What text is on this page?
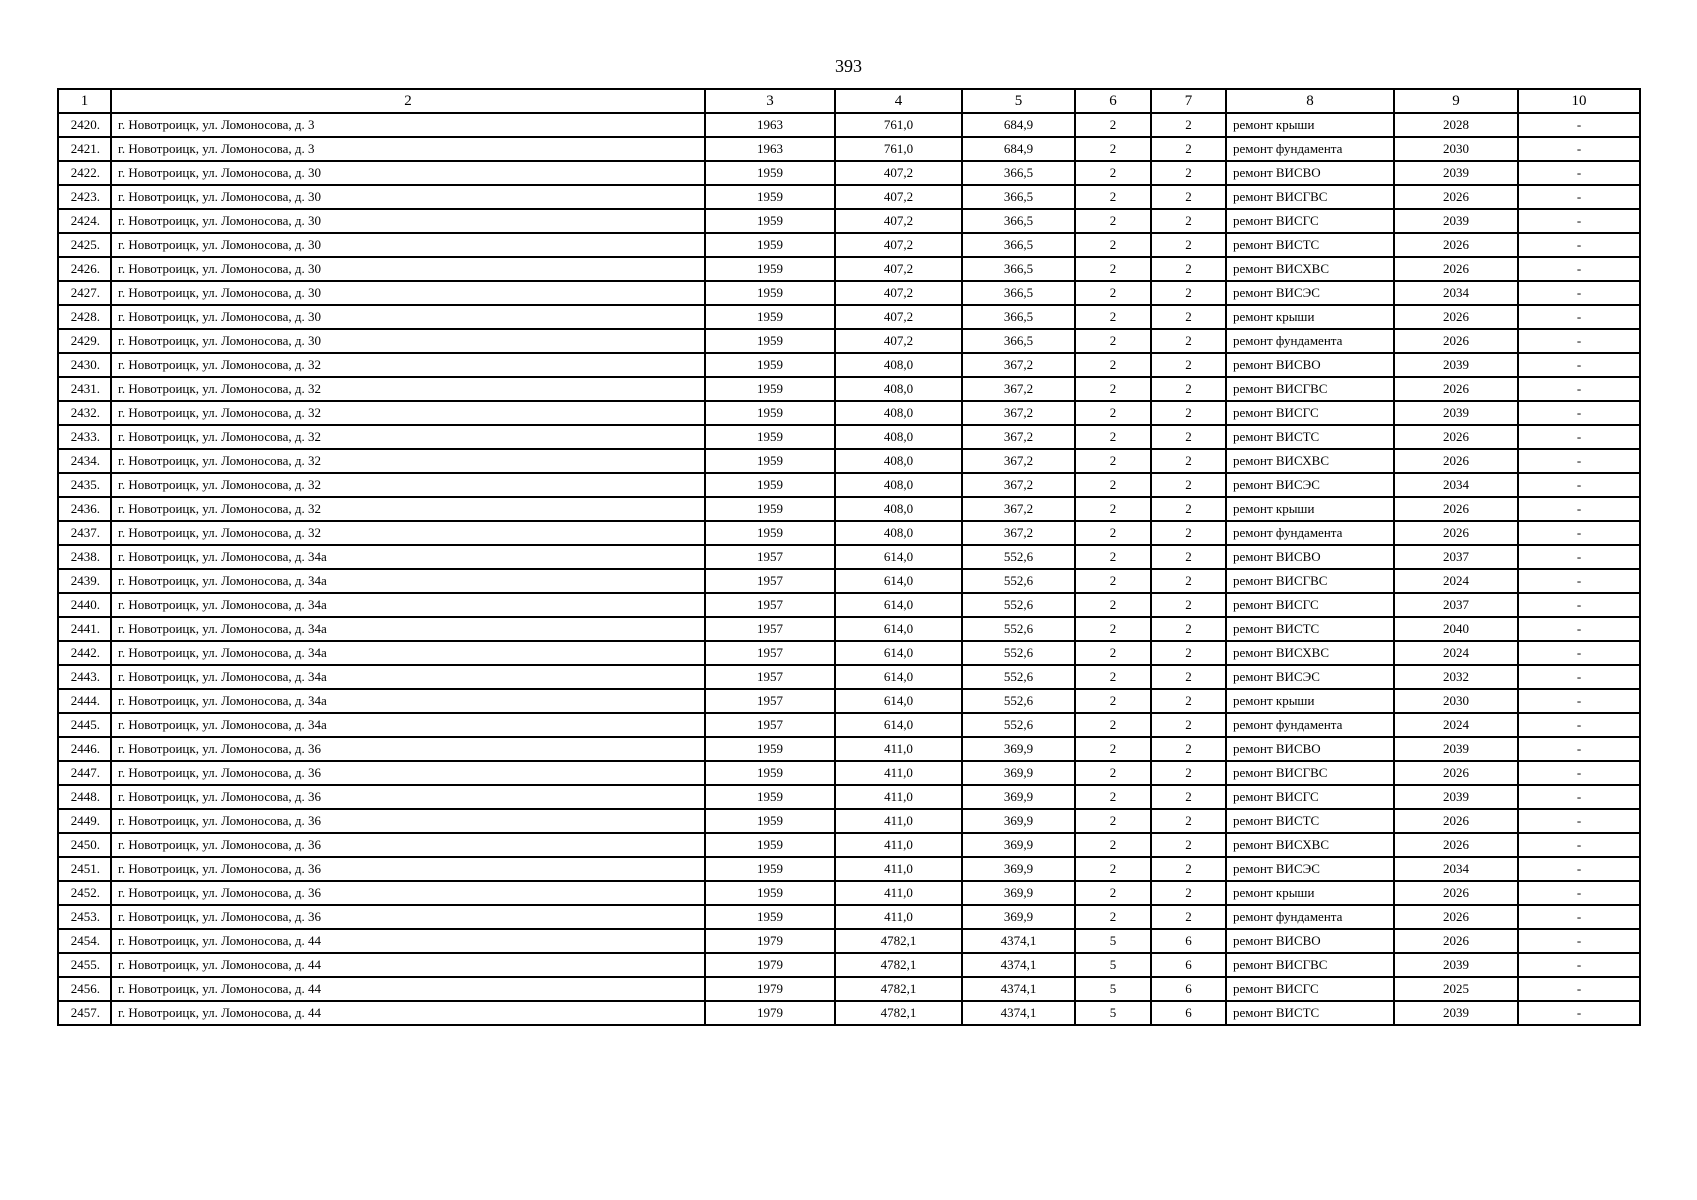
393
1	2	3	4	5	6	7	8	9	10
2420.	г. Новотроицк, ул. Ломоносова, д. 3	1963	761,0	684,9	2	2	ремонт крыши	2028	-
2421.	г. Новотроицк, ул. Ломоносова, д. 3	1963	761,0	684,9	2	2	ремонт фундамента	2030	-
2422.	г. Новотроицк, ул. Ломоносова, д. 30	1959	407,2	366,5	2	2	ремонт ВИСВО	2039	-
2423.	г. Новотроицк, ул. Ломоносова, д. 30	1959	407,2	366,5	2	2	ремонт ВИСГВС	2026	-
2424.	г. Новотроицк, ул. Ломоносова, д. 30	1959	407,2	366,5	2	2	ремонт ВИСГС	2039	-
2425.	г. Новотроицк, ул. Ломоносова, д. 30	1959	407,2	366,5	2	2	ремонт ВИСТС	2026	-
2426.	г. Новотроицк, ул. Ломоносова, д. 30	1959	407,2	366,5	2	2	ремонт ВИСХВС	2026	-
2427.	г. Новотроицк, ул. Ломоносова, д. 30	1959	407,2	366,5	2	2	ремонт ВИСЭС	2034	-
2428.	г. Новотроицк, ул. Ломоносова, д. 30	1959	407,2	366,5	2	2	ремонт крыши	2026	-
2429.	г. Новотроицк, ул. Ломоносова, д. 30	1959	407,2	366,5	2	2	ремонт фундамента	2026	-
2430.	г. Новотроицк, ул. Ломоносова, д. 32	1959	408,0	367,2	2	2	ремонт ВИСВО	2039	-
2431.	г. Новотроицк, ул. Ломоносова, д. 32	1959	408,0	367,2	2	2	ремонт ВИСГВС	2026	-
2432.	г. Новотроицк, ул. Ломоносова, д. 32	1959	408,0	367,2	2	2	ремонт ВИСГС	2039	-
2433.	г. Новотроицк, ул. Ломоносова, д. 32	1959	408,0	367,2	2	2	ремонт ВИСТС	2026	-
2434.	г. Новотроицк, ул. Ломоносова, д. 32	1959	408,0	367,2	2	2	ремонт ВИСХВС	2026	-
2435.	г. Новотроицк, ул. Ломоносова, д. 32	1959	408,0	367,2	2	2	ремонт ВИСЭС	2034	-
2436.	г. Новотроицк, ул. Ломоносова, д. 32	1959	408,0	367,2	2	2	ремонт крыши	2026	-
2437.	г. Новотроицк, ул. Ломоносова, д. 32	1959	408,0	367,2	2	2	ремонт фундамента	2026	-
2438.	г. Новотроицк, ул. Ломоносова, д. 34а	1957	614,0	552,6	2	2	ремонт ВИСВО	2037	-
2439.	г. Новотроицк, ул. Ломоносова, д. 34а	1957	614,0	552,6	2	2	ремонт ВИСГВС	2024	-
2440.	г. Новотроицк, ул. Ломоносова, д. 34а	1957	614,0	552,6	2	2	ремонт ВИСГС	2037	-
2441.	г. Новотроицк, ул. Ломоносова, д. 34а	1957	614,0	552,6	2	2	ремонт ВИСТС	2040	-
2442.	г. Новотроицк, ул. Ломоносова, д. 34а	1957	614,0	552,6	2	2	ремонт ВИСХВС	2024	-
2443.	г. Новотроицк, ул. Ломоносова, д. 34а	1957	614,0	552,6	2	2	ремонт ВИСЭС	2032	-
2444.	г. Новотроицк, ул. Ломоносова, д. 34а	1957	614,0	552,6	2	2	ремонт крыши	2030	-
2445.	г. Новотроицк, ул. Ломоносова, д. 34а	1957	614,0	552,6	2	2	ремонт фундамента	2024	-
2446.	г. Новотроицк, ул. Ломоносова, д. 36	1959	411,0	369,9	2	2	ремонт ВИСВО	2039	-
2447.	г. Новотроицк, ул. Ломоносова, д. 36	1959	411,0	369,9	2	2	ремонт ВИСГВС	2026	-
2448.	г. Новотроицк, ул. Ломоносова, д. 36	1959	411,0	369,9	2	2	ремонт ВИСГС	2039	-
2449.	г. Новотроицк, ул. Ломоносова, д. 36	1959	411,0	369,9	2	2	ремонт ВИСТС	2026	-
2450.	г. Новотроицк, ул. Ломоносова, д. 36	1959	411,0	369,9	2	2	ремонт ВИСХВС	2026	-
2451.	г. Новотроицк, ул. Ломоносова, д. 36	1959	411,0	369,9	2	2	ремонт ВИСЭС	2034	-
2452.	г. Новотроицк, ул. Ломоносова, д. 36	1959	411,0	369,9	2	2	ремонт крыши	2026	-
2453.	г. Новотроицк, ул. Ломоносова, д. 36	1959	411,0	369,9	2	2	ремонт фундамента	2026	-
2454.	г. Новотроицк, ул. Ломоносова, д. 44	1979	4782,1	4374,1	5	6	ремонт ВИСВО	2026	-
2455.	г. Новотроицк, ул. Ломоносова, д. 44	1979	4782,1	4374,1	5	6	ремонт ВИСГВС	2039	-
2456.	г. Новотроицк, ул. Ломоносова, д. 44	1979	4782,1	4374,1	5	6	ремонт ВИСГС	2025	-
2457.	г. Новотроицк, ул. Ломоносова, д. 44	1979	4782,1	4374,1	5	6	ремонт ВИСТС	2039	-
